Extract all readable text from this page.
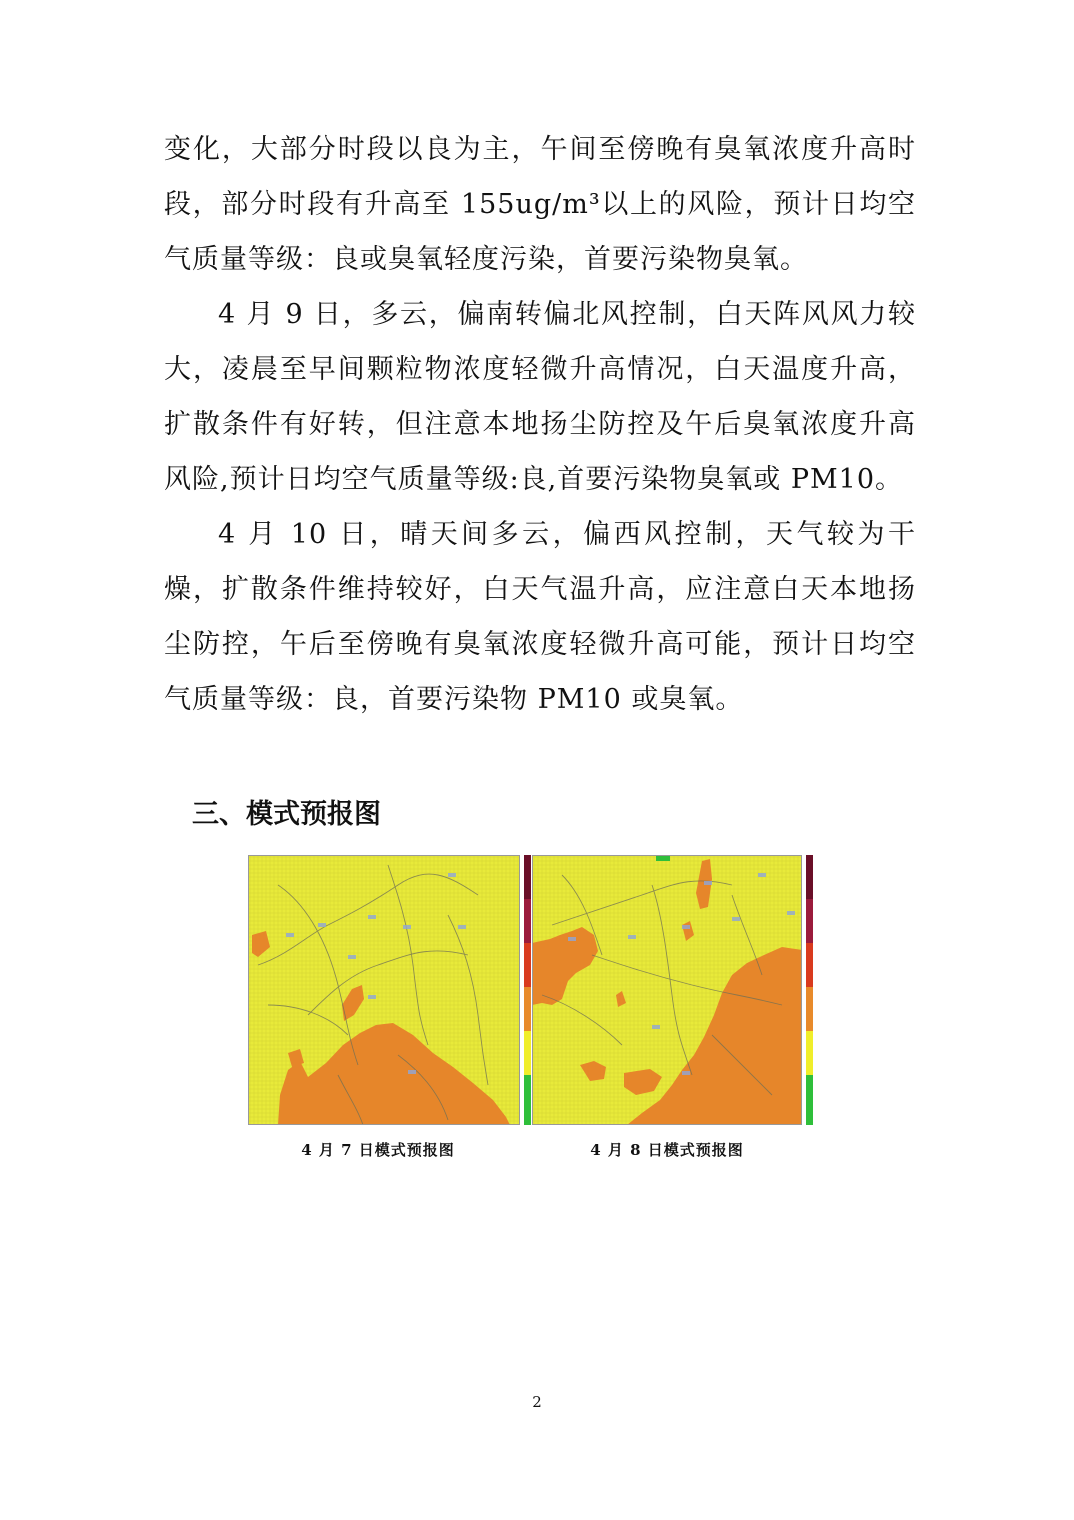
变化，大部分时段以良为主，午间至傍晚有臭氧浓度升高时段，部分时段有升高至 155ug/m³以上的风险，预计日均空气质量等级：良或臭氧轻度污染，首要污染物臭氧。

4 月 9 日，多云，偏南转偏北风控制，白天阵风风力较大，凌晨至早间颗粒物浓度轻微升高情况，白天温度升高，扩散条件有好转，但注意本地扬尘防控及午后臭氧浓度升高风险,预计日均空气质量等级:良,首要污染物臭氧或 PM10。

4 月 10 日，晴天间多云，偏西风控制，天气较为干燥，扩散条件维持较好，白天气温升高，应注意白天本地扬尘防控，午后至傍晚有臭氧浓度轻微升高可能，预计日均空气质量等级：良，首要污染物 PM10 或臭氧。

三、模式预报图

4 月 7 日模式预报图	4 月 8 日模式预报图

2
